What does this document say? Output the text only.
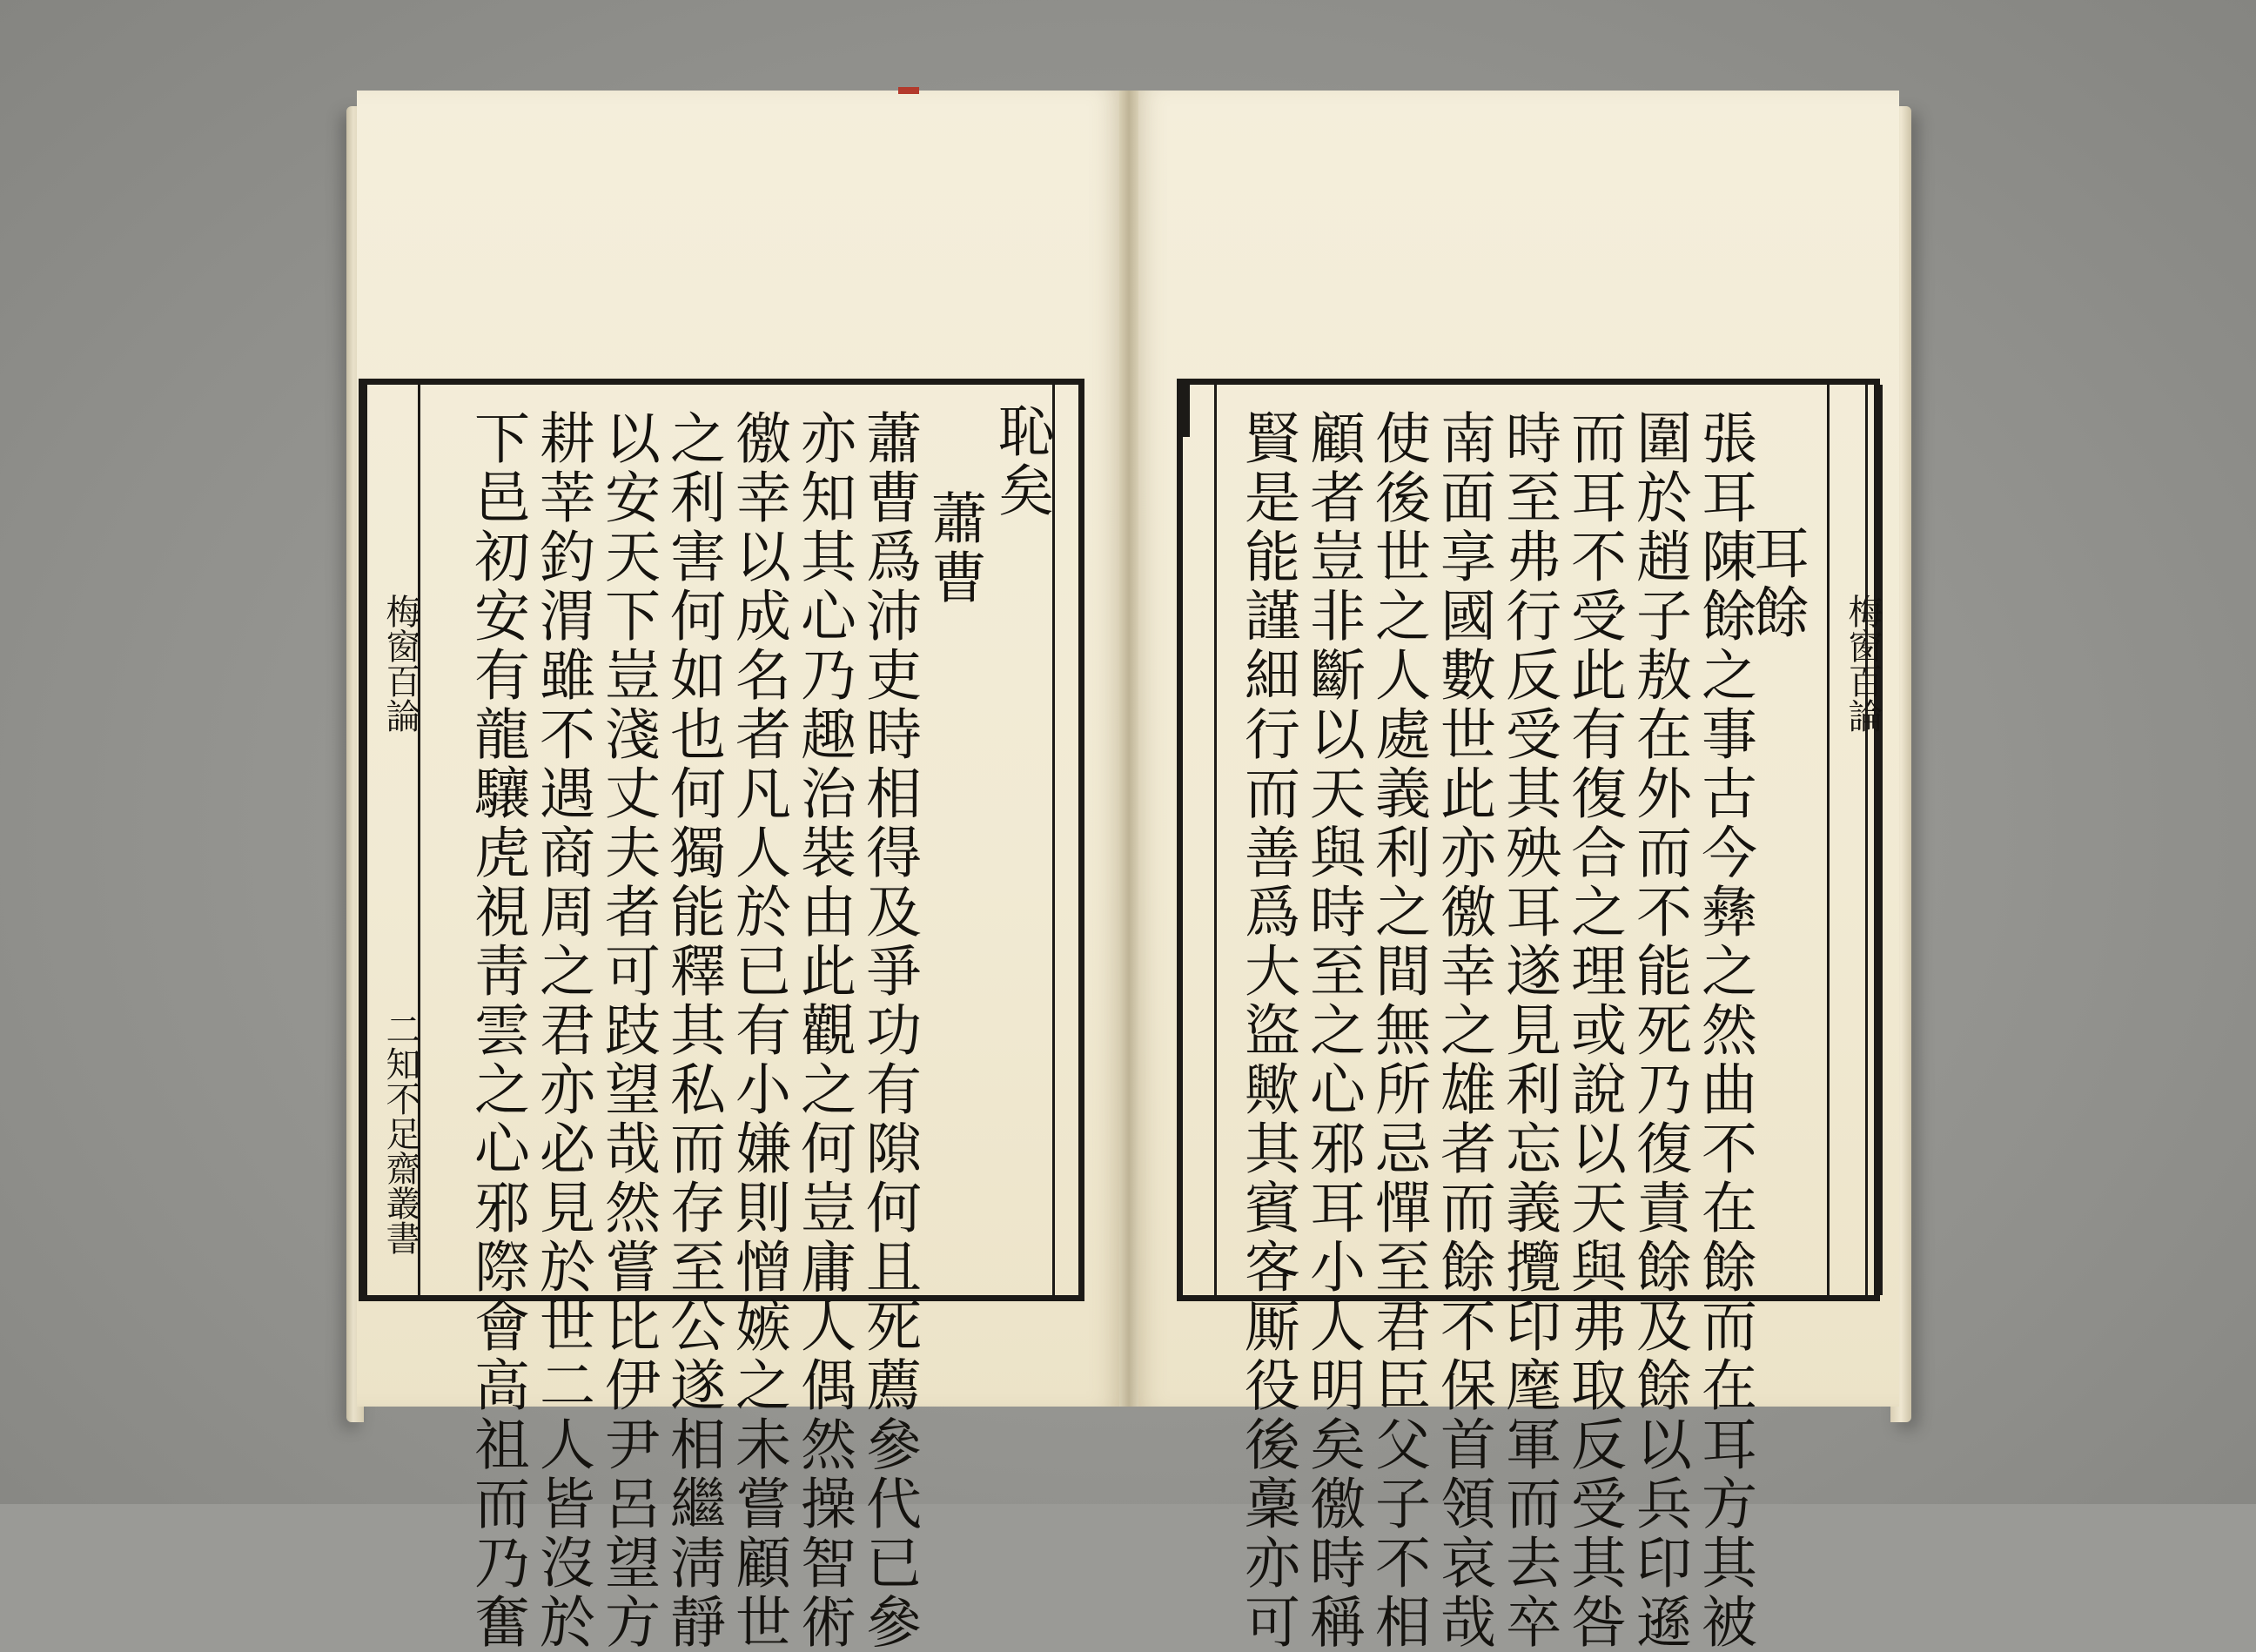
梅窗百論
耳餘
張耳陳餘之事古今彝之然曲不在餘而在耳方其被
圍於趙子敖在外而不能死乃復責餘及餘以兵印遜
而耳不受此有復合之理或說以天與弗取反受其咎
時至弗行反受其殃耳遂見利忘義攬印麾軍而去卒
南面享國數世此亦徼幸之雄者而餘不保首領哀哉
使後世之人處義利之間無所忌憚至君臣父子不相
顧者豈非斷以天與時至之心邪耳小人明矣徼時稱
賢是能謹細行而善爲大盜歟其賓客厮役後稾亦可
梅窗百論
二知不足齋叢書
恥矣
蕭曹
蕭曹爲沛吏時相得及爭功有隙何且死薦參代已參
亦知其心乃趣治裝由此觀之何豈庸人偶然操智術
徼幸以成名者凡人於已有小嫌則憎嫉之未嘗顧世
之利害何如也何獨能釋其私而存至公遂相繼淸靜
以安天下豈淺丈夫者可跂望哉然嘗比伊尹呂望方
耕莘釣渭雖不遇商周之君亦必見於世二人皆沒於
下邑初安有龍驤虎視靑雲之心邪際會高祖而乃奮
